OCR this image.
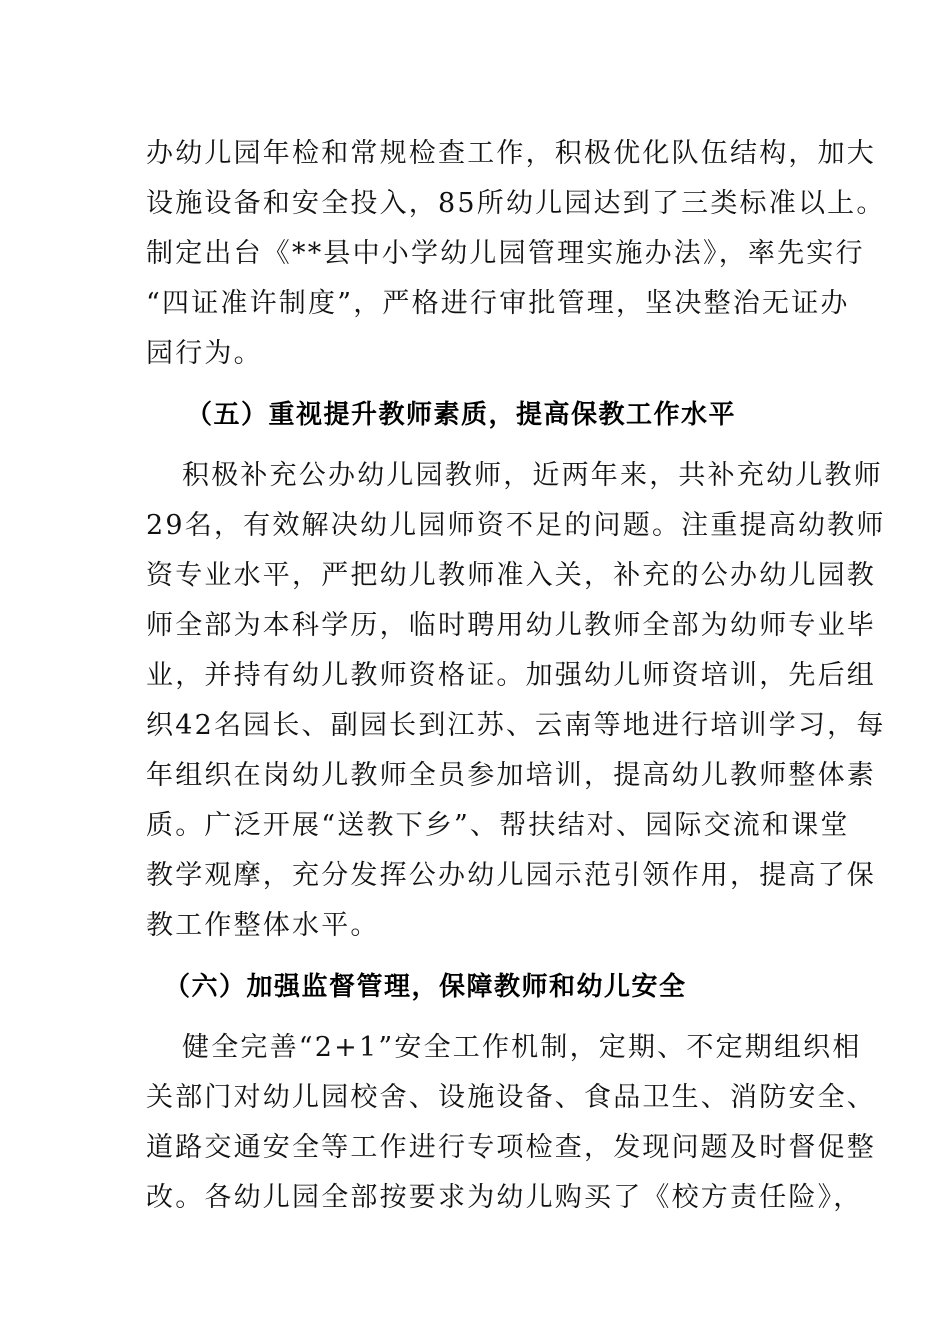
办幼儿园年检和常规检查工作，积极优化队伍结构，加大
设施设备和安全投入，85所幼儿园达到了三类标准以上。
制定出台《**县中小学幼儿园管理实施办法》，率先实行
“四证准许制度”，严格进行审批管理，坚决整治无证办
园行为。
（五）重视提升教师素质，提高保教工作水平
积极补充公办幼儿园教师，近两年来，共补充幼儿教师
29名，有效解决幼儿园师资不足的问题。注重提高幼教师
资专业水平，严把幼儿教师准入关，补充的公办幼儿园教
师全部为本科学历，临时聘用幼儿教师全部为幼师专业毕
业，并持有幼儿教师资格证。加强幼儿师资培训，先后组
织42名园长、副园长到江苏、云南等地进行培训学习，每
年组织在岗幼儿教师全员参加培训，提高幼儿教师整体素
质。广泛开展“送教下乡”、帮扶结对、园际交流和课堂
教学观摩，充分发挥公办幼儿园示范引领作用，提高了保
教工作整体水平。
（六）加强监督管理，保障教师和幼儿安全
健全完善“2+1”安全工作机制，定期、不定期组织相
关部门对幼儿园校舍、设施设备、食品卫生、消防安全、
道路交通安全等工作进行专项检查，发现问题及时督促整
改。各幼儿园全部按要求为幼儿购买了《校方责任险》，
